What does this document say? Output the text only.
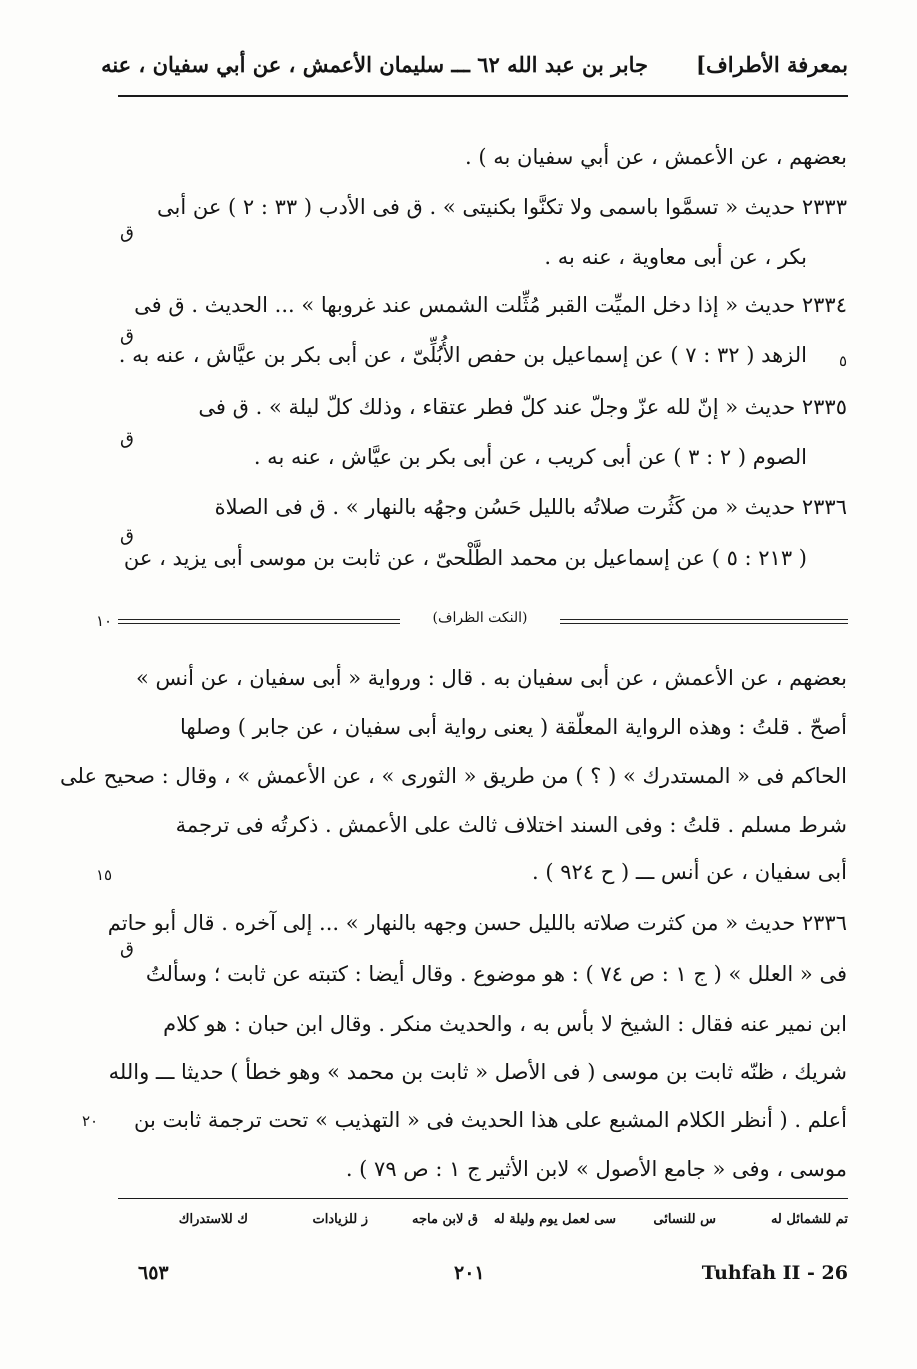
بمعرفة الأطراف]
جابر بن عبد الله ٦٢ ـــ سليمان الأعمش ، عن أبي سفيان ، عنه
بعضهم ، عن الأعمش ، عن أبي سفيان به ) .
٢٣٣٣ حديث « تسمَّوا باسمى ولا تكنَّوا بكنيتى » . ق فى الأدب ( ٣٣ : ٢ ) عن أبى
بكر ، عن أبى معاوية ، عنه به .
٢٣٣٤ حديث « إذا دخل الميِّت القبر مُثِّلت الشمس عند غروبها » ... الحديث . ق فى
الزهد ( ٣٢ : ٧ ) عن إسماعيل بن حفص الأُبُلِّىّ ، عن أبى بكر بن عيَّاش ، عنه به .
٢٣٣٥ حديث « إنّ لله عزّ وجلّ عند كلّ فطر عتقاء ، وذلك كلّ ليلة » . ق فى
الصوم ( ٢ : ٣ ) عن أبى كريب ، عن أبى بكر بن عيَّاش ، عنه به .
٢٣٣٦ حديث « من كَثُرت صلاتُه بالليل حَسُن وجهُه بالنهار » . ق فى الصلاة
( ٢١٣ : ٥ ) عن إسماعيل بن محمد الطَّلْحىّ ، عن ثابت بن موسى أبى يزيد ، عن
ق
ق
ق
ق
٥
١٠	(النكت الظراف)
بعضهم ، عن الأعمش ، عن أبى سفيان به . قال : ورواية « أبى سفيان ، عن أنس »
أصحّ . قلتُ : وهذه الرواية المعلّقة ( يعنى رواية أبى سفيان ، عن جابر ) وصلها
الحاكم فى « المستدرك » ( ؟ ) من طريق « الثورى » ، عن الأعمش » ، وقال : صحيح على
شرط مسلم . قلتُ : وفى السند اختلاف ثالث على الأعمش . ذكرتُه فى ترجمة
أبى سفيان ، عن أنس ـــ ( ح ٩٢٤ ) .
١٥
٢٣٣٦ حديث « من كثرت صلاته بالليل حسن وجهه بالنهار » ... إلى آخره . قال أبو حاتم
ق
فى « العلل » ( ج ١ : ص ٧٤ ) : هو موضوع . وقال أيضا : كتبته عن ثابت ؛ وسألتُ
ابن نمير عنه فقال : الشيخ لا بأس به ، والحديث منكر . وقال ابن حبان : هو كلام
شريك ، ظنّه ثابت بن موسى ( فى الأصل « ثابت بن محمد » وهو خطأ ) حديثا ـــ والله
أعلم . ( أنظر الكلام المشبع على هذا الحديث فى « التهذيب » تحت ترجمة ثابت بن
٢٠
موسى ، وفى « جامع الأصول » لابن الأثير ج ١ : ص ٧٩ ) .
تم للشمائل له
س للنسائى
سى لعمل يوم وليلة له
ق لابن ماجه
ز للزيادات
ك للاستدراك
٦٥٣	٢٠١	Tuhfah II - 26
